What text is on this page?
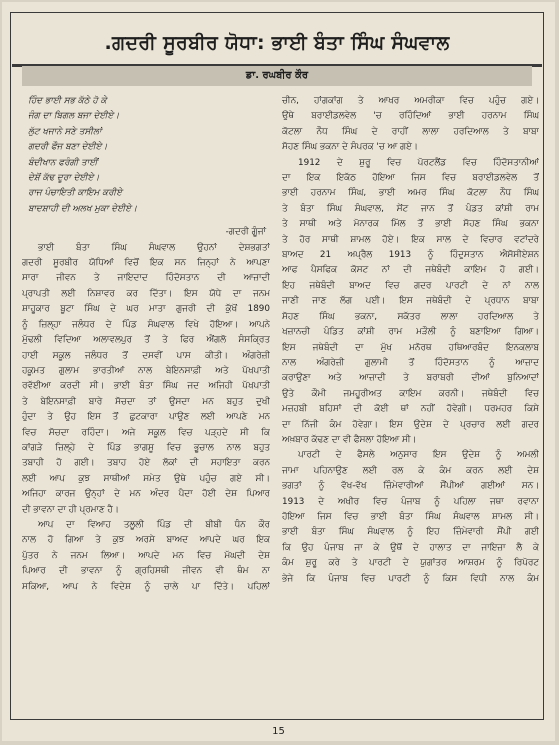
.ਗਦਰੀ ਸੂਰਬੀਰ ਯੋਧਾ: ਭਾਈ ਬੰਤਾ ਸਿੰਘ ਸੰਘਵਾਲ
ਡਾ. ਰਘਬੀਰ ਕੌਰ
ਹਿੰਦ ਭਾਈ ਸਭ ਕੱਠੇ ਹੋ ਕੇ
ਜੰਗ ਦਾ ਬਿਗਲ ਬਜਾ ਦੇਈਏ।
ਲੁੱਟ ਖਜਾਨੇ ਸਣੇ ਤਸੀਲਾਂ
ਗਦਰੀ ਫੌਜ ਬਣਾ ਦੇਈਏ।
ਬੰਦੀਖਾਨ ਫਰੰਗੀ ਤਾਈਂ
ਦੇਸ਼ੋਂ ਕੱਢ ਦੂਰਾ ਦੇਈਏ।
ਰਾਜ ਪੰਚਾਇਤੀ ਕਾਇਮ ਕਰੀਏ
ਬਾਦਸ਼ਾਹੀ ਦੀ ਅਲਖ ਮੁਕਾ ਦੇਈਏ।
-ਗਦਰੀ ਗੂੰਜਾਂ
ਭਾਈ ਬੰਤਾ ਸਿੰਘ ਸੰਘਵਾਲ ਉਹਨਾਂ ਦੇਸ਼ਭਗਤਾਂ
ਗਦਰੀ ਸੂਰਬੀਰ ਯੋਧਿਆਂ ਵਿਚੋਂ ਇਕ ਸਨ ਜਿਨ੍ਹਾਂ ਨੇ ਆਪਣਾ
ਸਾਰਾ ਜੀਵਨ ਤੇ ਜਾਇਦਾਦ ਹਿੰਦੋਸਤਾਨ ਦੀ ਆਜ਼ਾਦੀ
ਪ੍ਰਾਪਤੀ ਲਈ ਨਿਸ਼ਾਵਰ ਕਰ ਦਿੱਤਾ। ਇਸ ਯੋਧੇ ਦਾ ਜਨਮ
ਸ਼ਾਹੂਕਾਰ ਬੂਟਾ ਸਿੰਘ ਦੇ ਘਰ ਮਾਤਾ ਗੁਜਰੀ ਦੀ ਕੁੱਖੋਂ 1890
ਨੂੰ ਜ਼ਿਲ੍ਹਾ ਜਲੰਧਰ ਦੇ ਪਿੰਡ ਸੰਘਵਾਲ ਵਿਖੇ ਹੋਇਆ। ਆਪਨੇ
ਮੁੱਢਲੀ ਵਿਦਿਆ ਅਲਾਵਲਪੁਰ ਤੋਂ ਤੇ ਫਿਰ ਐਂਗਲੋ ਸੰਸਕ੍ਰਿਤ
ਹਾਈ ਸਕੂਲ ਜਲੰਧਰ ਤੋਂ ਦਸਵੀਂ ਪਾਸ ਕੀਤੀ। ਅੰਗਰੇਜ਼ੀ
ਹਕੂਮਤ ਗੁਲਾਮ ਭਾਰਤੀਆਂ ਨਾਲ ਬੇਇਨਸਾਫ਼ੀ ਅਤੇ ਪੱਖਪਾਤੀ
ਰਵੱਈਆ ਕਰਦੀ ਸੀ। ਭਾਈ ਬੰਤਾ ਸਿੰਘ ਜਦ ਅਜਿਹੀ ਪੱਖਪਾਤੀ
ਤੇ ਬੇਇਨਸਾਫ਼ੀ ਬਾਰੇ ਸੋਚਦਾ ਤਾਂ ਉਸਦਾ ਮਨ ਬਹੁਤ ਦੁਖੀ
ਹੁੰਦਾ ਤੇ ਉਹ ਇਸ ਤੋਂ ਛੁਟਕਾਰਾ ਪਾਉਣ ਲਈ ਆਪਣੇ ਮਨ
ਵਿਚ ਸੋਚਦਾ ਰਹਿੰਦਾ। ਅਜੇ ਸਕੂਲ ਵਿਚ ਪੜ੍ਹਦੇ ਸੀ ਕਿ
ਕਾਂਗੜੇ ਜ਼ਿਲ੍ਹੇ ਦੇ ਪਿੰਡ ਭਾਗਸੂ ਵਿਚ ਭੂਚਾਲ ਨਾਲ ਬਹੁਤ
ਤਬਾਹੀ ਹੋ ਗਈ। ਤਬਾਹ ਹੋਏ ਲੋਕਾਂ ਦੀ ਸਹਾਇਤਾ ਕਰਨ
ਲਈ ਆਪ ਕੁਝ ਸਾਥੀਆਂ ਸਮੇਤ ਉਥੇ ਪਹੁੰਚ ਗਏ ਸੀ।
ਅਜਿਹਾ ਕਾਰਜ ਉਨ੍ਹਾਂ ਦੇ ਮਨ ਅੰਦਰ ਪੈਦਾ ਹੋਈ ਦੇਸ਼ ਪਿਆਰ
ਦੀ ਭਾਵਨਾ ਦਾ ਹੀ ਪ੍ਰਮਾਣ ਹੈ।
ਆਪ ਦਾ ਵਿਆਹ ਤਲੂਲੀ ਪਿੰਡ ਦੀ ਬੀਬੀ ਧੰਨ ਕੌਰ
ਨਾਲ ਹੋ ਗਿਆ ਤੇ ਕੁਝ ਅਰਸੇ ਬਾਅਦ ਆਪਦੇ ਘਰ ਇਕ
ਪੁੱਤਰ ਨੇ ਜਨਮ ਲਿਆ। ਆਪਦੇ ਮਨ ਵਿਚ ਮੱਘਦੀ ਦੇਸ਼
ਪਿਆਰ ਦੀ ਭਾਵਨਾ ਨੂੰ ਗ੍ਰਹਿਸਥੀ ਜੀਵਨ ਵੀ ਥੰਮ ਨਾ
ਸਕਿਆ, ਆਪ ਨੇ ਵਿਦੇਸ਼ ਨੂੰ ਚਾਲੇ ਪਾ ਦਿੱਤੇ। ਪਹਿਲਾਂ
ਚੀਨ, ਹਾਂਗਕਾਂਗ ਤੇ ਆਖਰ ਅਮਰੀਕਾ ਵਿਚ ਪਹੁੰਚ ਗਏ।
ਉਥੇ ਬਰਾਈਡਲਵੇਲ 'ਚ ਰਹਿੰਦਿਆਂ ਭਾਈ ਹਰਨਾਮ ਸਿੰਘ
ਕੋਟਲਾ ਨੌਧ ਸਿੰਘ ਦੇ ਰਾਹੀਂ ਲਾਲਾ ਹਰਦਿਆਲ ਤੇ ਬਾਬਾ
ਸੋਹਣ ਸਿੰਘ ਭਕਨਾ ਦੇ ਸੰਪਰਕ 'ਚ ਆ ਗਏ।
1912 ਦੇ ਸ਼ੁਰੂ ਵਿਚ ਪੋਰਟਲੈਂਡ ਵਿਚ ਹਿੰਦੋਸਤਾਨੀਆਂ
ਦਾ ਇਕ ਇਕੱਠ ਹੋਇਆ ਜਿਸ ਵਿਚ ਬਰਾਈਡਲਵੇਲ ਤੋਂ
ਭਾਈ ਹਰਨਾਮ ਸਿੰਘ, ਭਾਈ ਅਮਰ ਸਿੰਘ ਕੋਟਲਾ ਨੌਧ ਸਿੰਘ
ਤੇ ਬੰਤਾ ਸਿੰਘ ਸੰਘਵਾਲ, ਸੇਂਟ ਜਾਨ ਤੋਂ ਪੰਡਤ ਕਾਂਸ਼ੀ ਰਾਮ
ਤੇ ਸਾਥੀ ਅਤੇ ਮੋਨਾਰਕ ਮਿੱਲ ਤੋਂ ਭਾਈ ਸੋਹਣ ਸਿੰਘ ਭਕਨਾ
ਤੇ ਹੋਰ ਸਾਥੀ ਸ਼ਾਮਲ ਹੋਏ। ਇਕ ਸਾਲ ਦੇ ਵਿਚਾਰ ਵਟਾਂਦਰੇ
ਬਾਅਦ 21 ਅਪ੍ਰੈਲ 1913 ਨੂੰ ਹਿੰਦੁਸਤਾਨ ਐਸੋਸੀਏਸ਼ਨ
ਆਫ ਪੈਸਫਿਕ ਕੋਸਟ ਨਾਂ ਦੀ ਜਥੇਬੰਦੀ ਕਾਇਮ ਹੋ ਗਈ।
ਇਹ ਜਥੇਬੰਦੀ ਬਾਅਦ ਵਿਚ ਗਦਰ ਪਾਰਟੀ ਦੇ ਨਾਂ ਨਾਲ
ਜਾਣੀ ਜਾਣ ਲੱਗ ਪਈ। ਇਸ ਜਥੇਬੰਦੀ ਦੇ ਪ੍ਰਧਾਨ ਬਾਬਾ
ਸੋਹਣ ਸਿੰਘ ਭਕਨਾ, ਸਕੱਤਰ ਲਾਲਾ ਹਰਦਿਆਲ ਤੇ
ਖਜ਼ਾਨਚੀ ਪੰਡਿਤ ਕਾਂਸ਼ੀ ਰਾਮ ਮੜੌਲੀ ਨੂੰ ਬਣਾਇਆ ਗਿਆ।
ਇਸ ਜਥੇਬੰਦੀ ਦਾ ਮੁੱਖ ਮਨੋਰਥ ਹਥਿਆਰਬੰਦ ਇਨਕਲਾਬ
ਨਾਲ ਅੰਗਰੇਜ਼ੀ ਗੁਲਾਮੀ ਤੋਂ ਹਿੰਦੋਸਤਾਨ ਨੂੰ ਆਜ਼ਾਦ
ਕਰਾਉਣਾ ਅਤੇ ਆਜ਼ਾਦੀ ਤੇ ਬਰਾਬਰੀ ਦੀਆਂ ਬੁਨਿਆਦਾਂ
ਉਤੇ ਕੌਮੀ ਜਮਹੂਰੀਅਤ ਕਾਇਮ ਕਰਨੀ। ਜਥੇਬੰਦੀ ਵਿਚ
ਮਜ਼ਹਬੀ ਬਹਿਸਾਂ ਦੀ ਕੋਈ ਥਾਂ ਨਹੀਂ ਹੋਵੇਗੀ। ਧਰਮਹਰ ਕਿਸੇ
ਦਾ ਨਿੱਜੀ ਕੰਮ ਹੋਵੇਗਾ। ਇਸ ਉਦੇਸ਼ ਦੇ ਪ੍ਰਚਾਰ ਲਈ ਗਦਰ
ਅਖ਼ਬਾਰ ਕੱਢਣ ਦਾ ਵੀ ਫੈਸਲਾ ਹੋਇਆ ਸੀ।
ਪਾਰਟੀ ਦੇ ਫੈਸਲੇ ਅਨੁਸਾਰ ਇਸ ਉਦੇਸ਼ ਨੂੰ ਅਮਲੀ
ਜਾਮਾ ਪਹਿਨਾਉਣ ਲਈ ਰਲ ਕੇ ਕੰਮ ਕਰਨ ਲਈ ਦੇਸ਼
ਭਗਤਾਂ ਨੂੰ ਵੱਖ-ਵੱਖ ਜ਼ਿੰਮੇਵਾਰੀਆਂ ਸੌਂਪੀਆਂ ਗਈਆਂ ਸਨ।
1913 ਦੇ ਅਖੀਰ ਵਿਚ ਪੰਜਾਬ ਨੂੰ ਪਹਿਲਾ ਜਥਾ ਰਵਾਨਾ
ਹੋਇਆ ਜਿਸ ਵਿਚ ਭਾਈ ਬੰਤਾ ਸਿੰਘ ਸੰਘਵਾਲ ਸ਼ਾਮਲ ਸੀ।
ਭਾਈ ਬੰਤਾ ਸਿੰਘ ਸੰਘਵਾਲ ਨੂੰ ਇਹ ਜ਼ਿੰਮੇਵਾਰੀ ਸੌਂਪੀ ਗਈ
ਕਿ ਉਹ ਪੰਜਾਬ ਜਾ ਕੇ ਉਥੋਂ ਦੇ ਹਾਲਾਤ ਦਾ ਜਾਇਜ਼ਾ ਲੈ ਕੇ
ਕੰਮ ਸ਼ੁਰੂ ਕਰੇ ਤੇ ਪਾਰਟੀ ਦੇ ਯੁਗਾਂਤਰ ਆਸ਼ਰਮ ਨੂੰ ਰਿਪੋਰਟ
ਭੇਜੇ ਕਿ ਪੰਜਾਬ ਵਿਚ ਪਾਰਟੀ ਨੂੰ ਕਿਸ ਵਿਧੀ ਨਾਲ ਕੰਮ
15
